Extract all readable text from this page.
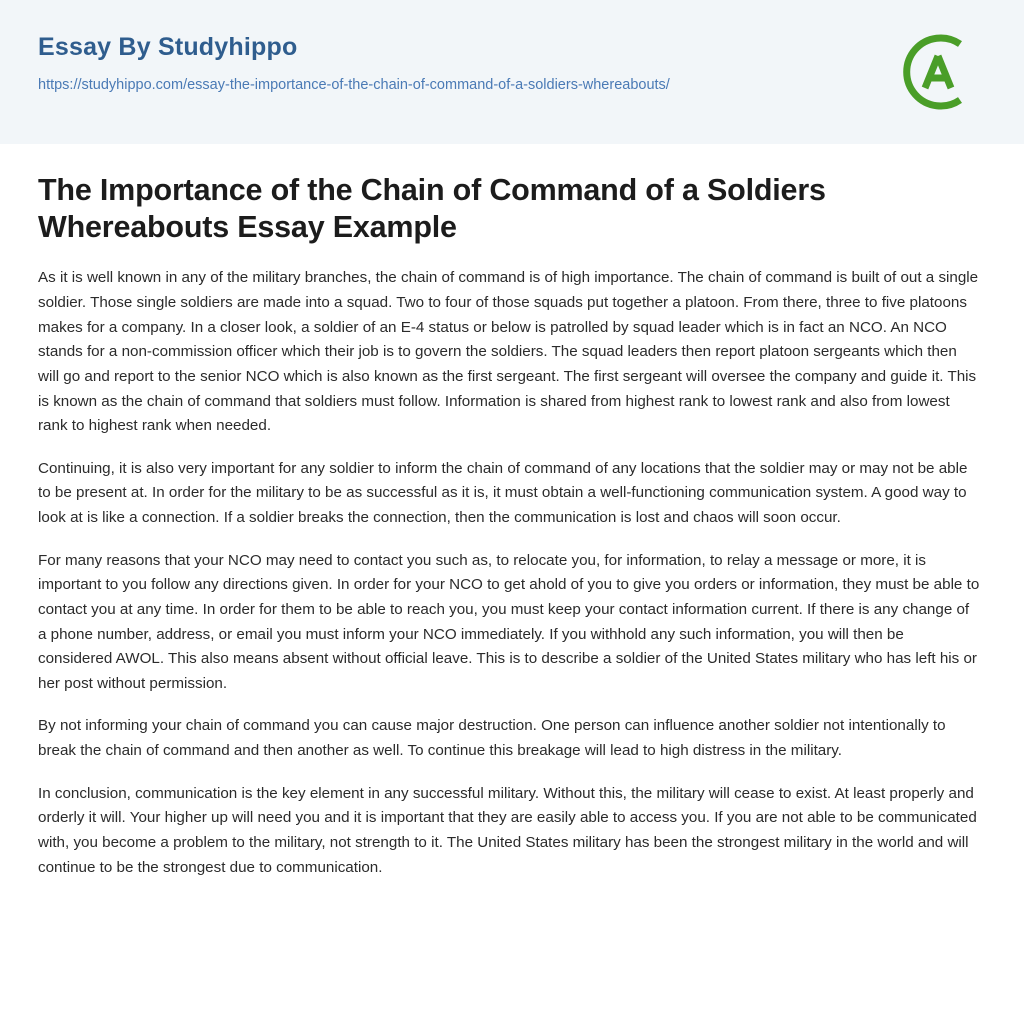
Essay By Studyhippo
https://studyhippo.com/essay-the-importance-of-the-chain-of-command-of-a-soldiers-whereabouts/
The Importance of the Chain of Command of a Soldiers Whereabouts Essay Example

As it is well known in any of the military branches, the chain of command is of high importance. The chain of command is built of out a single soldier. Those single soldiers are made into a squad. Two to four of those squads put together a platoon. From there, three to five platoons makes for a company. In a closer look, a soldier of an E-4 status or below is patrolled by squad leader which is in fact an NCO. An NCO stands for a non-commission officer which their job is to govern the soldiers. The squad leaders then report platoon sergeants which then will go and report to the senior NCO which is also known as the first sergeant. The first sergeant will oversee the company and guide it. This is known as the chain of command that soldiers must follow. Information is shared from highest rank to lowest rank and also from lowest rank to highest rank when needed.

Continuing, it is also very important for any soldier to inform the chain of command of any locations that the soldier may or may not be able to be present at. In order for the military to be as successful as it is, it must obtain a well-functioning communication system. A good way to look at is like a connection. If a soldier breaks the connection, then the communication is lost and chaos will soon occur.

For many reasons that your NCO may need to contact you such as, to relocate you, for information, to relay a message or more, it is important to you follow any directions given. In order for your NCO to get ahold of you to give you orders or information, they must be able to contact you at any time. In order for them to be able to reach you, you must keep your contact information current. If there is any change of a phone number, address, or email you must inform your NCO immediately. If you withhold any such information, you will then be considered AWOL. This also means absent without official leave. This is to describe a soldier of the United States military who has left his or her post without permission.

By not informing your chain of command you can cause major destruction. One person can influence another soldier not intentionally to break the chain of command and then another as well. To continue this breakage will lead to high distress in the military.

In conclusion, communication is the key element in any successful military. Without this, the military will cease to exist. At least properly and orderly it will. Your higher up will need you and it is important that they are easily able to access you. If you are not able to be communicated with, you become a problem to the military, not strength to it. The United States military has been the strongest military in the world and will continue to be the strongest due to communication.
